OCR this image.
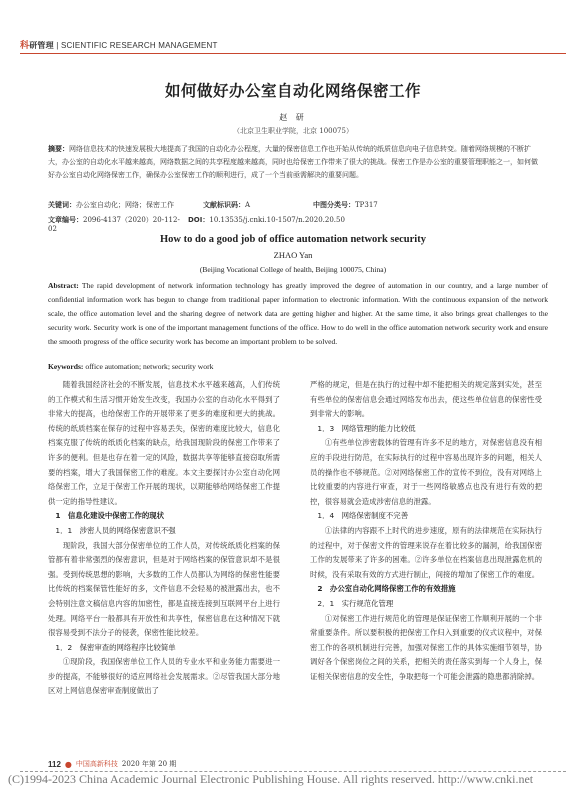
科研管理 | SCIENTIFIC RESEARCH MANAGEMENT
如何做好办公室自动化网络保密工作
赵 研
（北京卫生职业学院，北京 100075）
摘要：网络信息技术的快速发展极大地提高了我国的自动化办公程度，大量的保密信息工作也开始从传统的纸质信息向电子信息转变。随着网络规模的不断扩大，办公室的自动化水平越来越高，网络数据之间的共享程度越来越高，同时也给保密工作带来了很大的挑战。保密工作是办公室的重要管理职能之一，如何做好办公室自动化网络保密工作，确保办公室保密工作的顺利进行，成了一个当前亟需解决的重要问题。
关键词：办公室自动化；网络；保密工作	文献标识码：A	中图分类号：TP317
文章编号：2096-4137（2020）20-112-02
DOI：10.13535/j.cnki.10-1507/n.2020.20.50
How to do a good job of office automation network security
ZHAO Yan
(Beijing Vocational College of health, Beijing 100075, China)
Abstract: The rapid development of network information technology has greatly improved the degree of automation in our country, and a large number of confidential information work has begun to change from traditional paper information to electronic information. With the continuous expansion of the network scale, the office automation level and the sharing degree of network data are getting higher and higher. At the same time, it also brings great challenges to the security work. Security work is one of the important management functions of the office. How to do well in the office automation network security work and ensure the smooth progress of the office security work has become an important problem to be solved.
Keywords: office automation; network; security work

随着我国经济社会的不断发展，信息技术水平越来越高，人们传统的工作模式和生活习惯开始发生改变，我国办公室的自动化水平得到了非常大的提高，也给保密工作的开展带来了更多的难度和更大的挑战。传统的纸质档案在保存的过程中容易丢失，保密的难度比较大，信息化档案克服了传统的纸质化档案的缺点，给我国现阶段的保密工作带来了许多的便利。但是也存在着一定的风险，数据共享等能够直接窃取所需要的档案，增大了我国保密工作的难度。本文主要探讨办公室自动化网络保密工作，立足于保密工作开展的现状，以期能够给网络保密工作提供一定的指导性建议。

1　信息化建设中保密工作的现状

1．1　涉密人员的网络保密意识不强

现阶段，我国大部分保密单位的工作人员，对传统纸质化档案的保管都有着非常强烈的保密意识，但是对于网络档案的保管意识却不是很强。受到传统思想的影响，大多数的工作人员都认为网络的保密性能要比传统的档案保管性能好的多，文件信息不会轻易的被泄露出去，也不会特别注意文稿信息内容的加密性，都是直接连接到互联网平台上进行处理。网络平台一般都具有开放性和共享性，保密信息在这种情况下就很容易受到不法分子的侵袭，保密性能比较差。

1．2　保密审查的网络程序比较简单

①现阶段，我国保密单位工作人员的专业水平和业务能力需要进一步的提高，不能够很好的适应网络社会发展需求。②尽管我国大部分地区对上网信息保密审查制度做出了

严格的规定，但是在执行的过程中却不能把相关的规定落到实处，甚至有些单位的保密信息会通过网络发布出去，使这些单位信息的保密性受到非常大的影响。

1．3　网络管理的能力比较低

①有些单位涉密载体的管理有许多不足的地方，对保密信息没有相应的手段进行防范，在实际执行的过程中容易出现许多的问题，相关人员的操作也不够规范。②对网络保密工作的宣传不到位，没有对网络上比较重要的内容进行审查，对于一些网络敏感点也没有进行有效的把控，很容易就会造成涉密信息的泄露。

1．4　网络保密制度不完善

①法律的内容跟不上时代的进步速度，原有的法律规范在实际执行的过程中，对于保密文件的管理来说存在着比较多的漏洞，给我国保密工作的发展带来了许多的困难。②许多单位在档案信息出现泄露危机的时候，没有采取有效的方式进行制止，间接的增加了保密工作的难度。

2　办公室自动化网络保密工作的有效措施

2．1　实行规范化管理

①对保密工作进行规范化的管理是保证保密工作顺利开展的一个非常重要条件。所以要积极的把保密工作归入到重要的仪式议程中，对保密工作的各项机制进行完善，加强对保密工作的具体实施细节领导，协调好各个保密岗位之间的关系，把相关的责任落实到每一个人身上，保证相关保密信息的安全性，争取把每一个可能会泄露的隐患都消除掉。

112 ● 中国高新科技 2020 年第 20 期
(C)1994-2023 China Academic Journal Electronic Publishing House. All rights reserved. http://www.cnki.net
